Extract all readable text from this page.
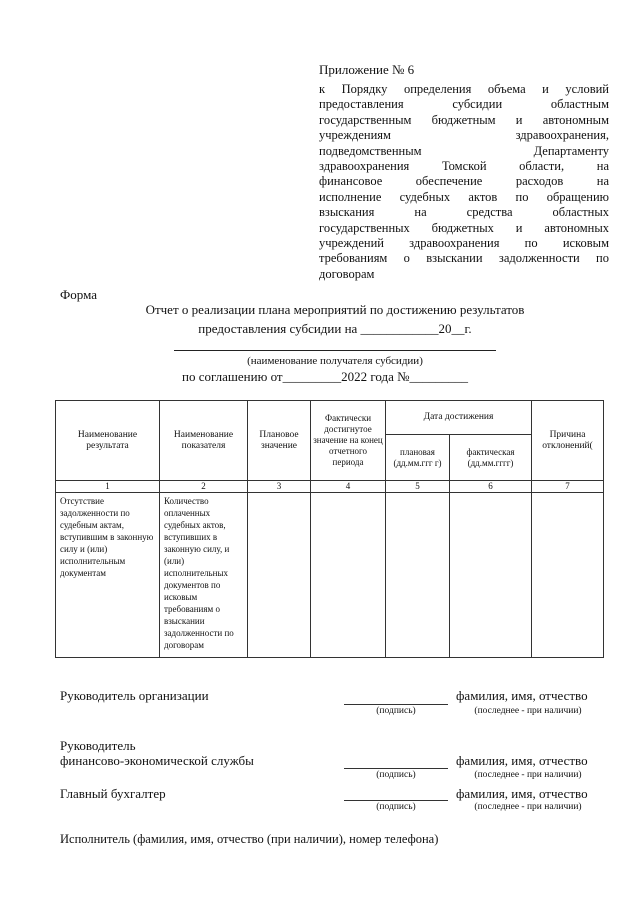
Приложение № 6
к Порядку определения объема и условий
предоставления субсидии областным
государственным бюджетным и автономным
учреждениям здравоохранения,
подведомственным Департаменту
здравоохранения Томской области, на
финансовое обеспечение расходов на
исполнение судебных актов по обращению
взыскания на средства областных
государственных бюджетных и автономных
учреждений здравоохранения по исковым
требованиям о взыскании задолженности по
договорам
Форма
Отчет о реализации плана мероприятий по достижению результатов
предоставления субсидии на ____________20__г.
(наименование получателя субсидии)
по соглашению от_________2022 года №_________
Наименование результата	Наименование показателя	Плановое значение	Фактически достигнутое значение на конец отчетного периода	Дата достижения		Причина отклонений(
				плановая (дд.мм.ггг г)	фактическая (дд.мм.гггг)	
1	2	3	4	5	6	7
Отсутствие задолженности по судебным актам, вступившим в законную силу и (или) исполнительным документам	Количество оплаченных судебных актов, вступивших в законную силу, и (или) исполнительных документов по исковым требованиям о взыскании задолженности по договорам					
Руководитель организации
(подпись)
фамилия, имя, отчество
(последнее - при наличии)
Руководитель
финансово-экономической службы
(подпись)
фамилия, имя, отчество
(последнее - при наличии)
Главный бухгалтер
(подпись)
фамилия, имя, отчество
(последнее - при наличии)
Исполнитель (фамилия, имя, отчество (при наличии), номер телефона)
